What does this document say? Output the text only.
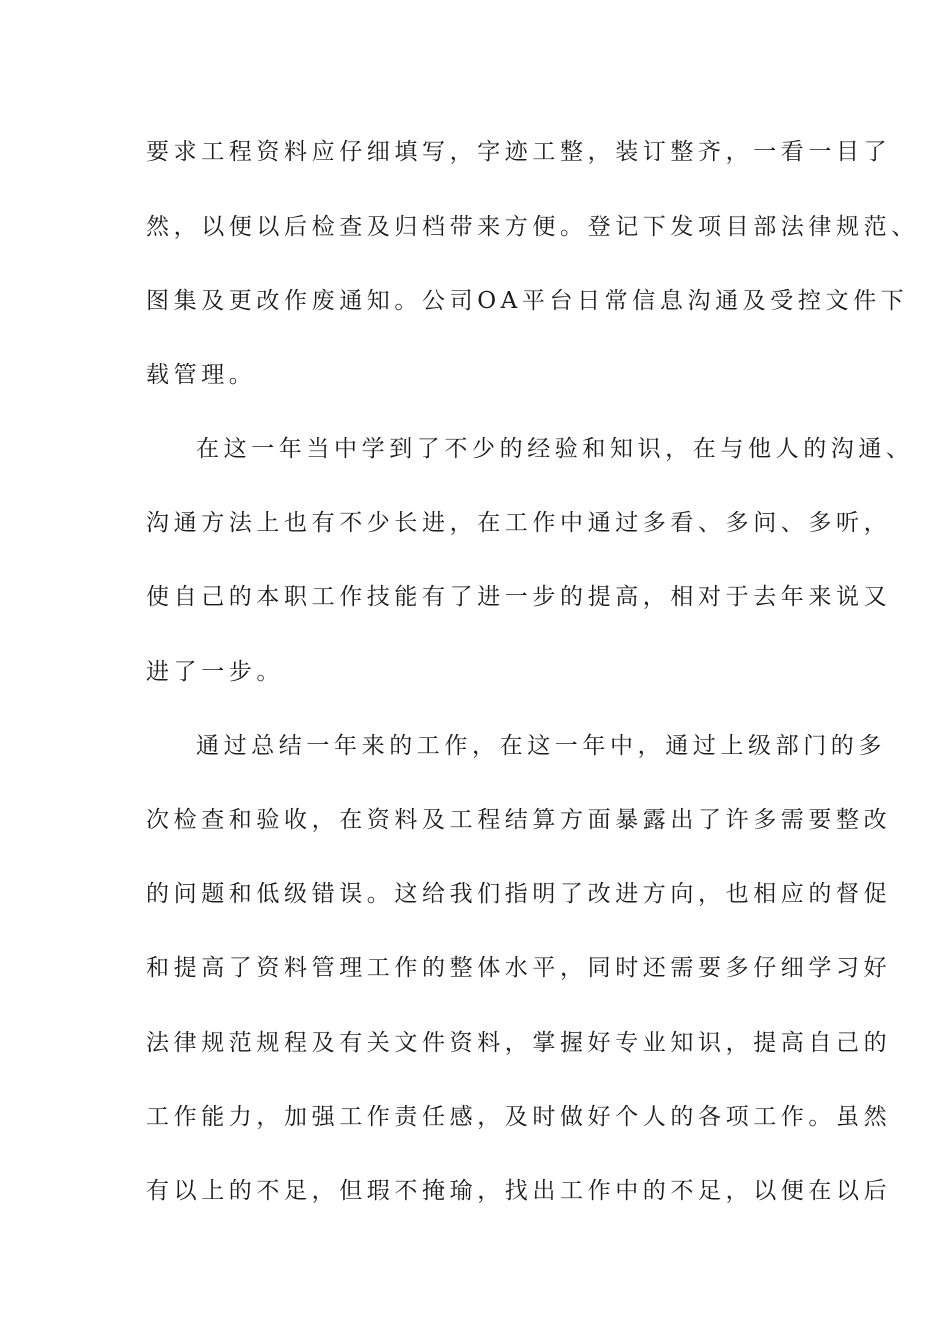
要求工程资料应仔细填写，字迹工整，装订整齐，一看一目了
然，以便以后检查及归档带来方便。登记下发项目部法律规范、
图集及更改作废通知。公司OA平台日常信息沟通及受控文件下
载管理。
在这一年当中学到了不少的经验和知识，在与他人的沟通、
沟通方法上也有不少长进，在工作中通过多看、多问、多听，
使自己的本职工作技能有了进一步的提高，相对于去年来说又
进了一步。
通过总结一年来的工作，在这一年中，通过上级部门的多
次检查和验收，在资料及工程结算方面暴露出了许多需要整改
的问题和低级错误。这给我们指明了改进方向，也相应的督促
和提高了资料管理工作的整体水平，同时还需要多仔细学习好
法律规范规程及有关文件资料，掌握好专业知识，提高自己的
工作能力，加强工作责任感，及时做好个人的各项工作。虽然
有以上的不足，但瑕不掩瑜，找出工作中的不足，以便在以后
